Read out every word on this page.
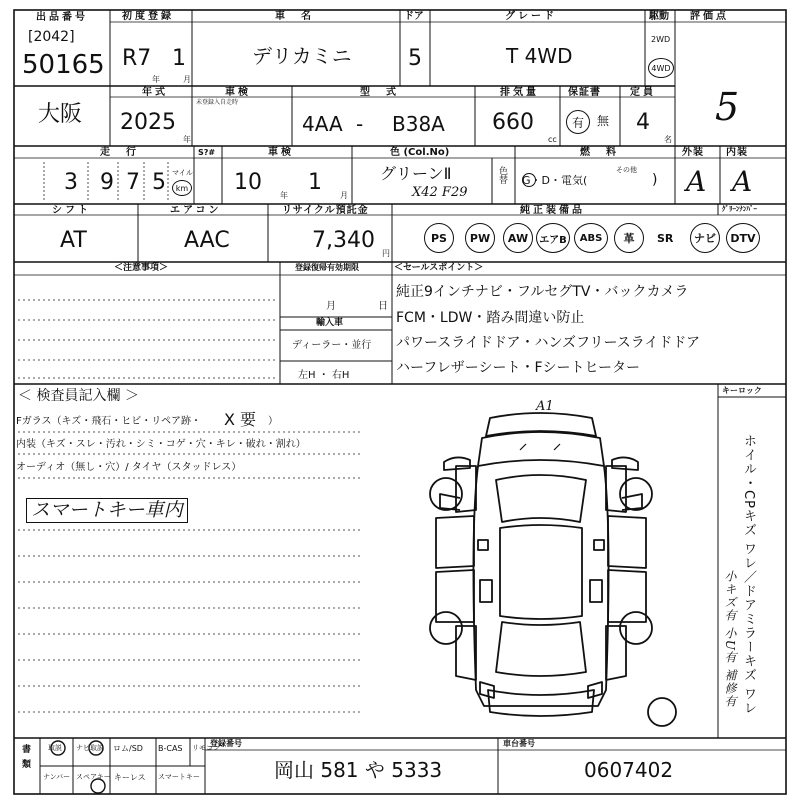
出品番号
[2042]
50165
初度登録
R7 1
年	月
車　名
デリカミニ
ドア
5
グレード
T 4WD
駆動
2WD
4WD
評価点
5
大阪
年式
2025
年
車検
未登録入自走時
型　式
4AA - B38A
排気量
660
cc
保証書
有 無
定員
4
名
走　行
3 9 7 5 マイル
km
S?#	車検
10
年
1
月
色 (Col.No)
グリーンⅡ
X42 F29
色替
燃　料
G・D・電気(
その他
)
外装
A
内装
A
シフト
AT
エアコン
AAC
リサイクル預託金
7,340
円
純正装備品	ｸﾞﾘｰﾝﾅﾝﾊﾞｰ
PS PW AW エアB ABS 革 SR ナビ DTV
＜注意事項＞	登録復帰有効期限
月	日
輸入車
ディーラー・並行
左H ・ 右H
＜セールスポイント＞
純正9インチナビ・フルセグTV・バックカメラ
FCM・LDW・踏み間違い防止
パワースライドドア・ハンズフリースライドドア
ハーフレザーシート・Fシートヒーター
＜ 検査員記入欄 ＞
Fガラス（キズ・飛石・ヒビ・リペア跡・ X 要 ）
内装（キズ・スレ・汚れ・シミ・コゲ・穴・キレ・破れ・割れ）
オーディオ（無し・穴）/ タイヤ（スタッドレス）
スマートキー車内
A1
キーロック
ホイル・CPキズ ワレ／ドアミラーキズ ワレ
小キズ有 小U有 補修有
書類	取説 ナビ取説 ロム/SD B-CAS リモコン
ナンバー スペアキー キーレス スマートキー
登録番号
岡山 581 や 5333
車台番号
0607402
